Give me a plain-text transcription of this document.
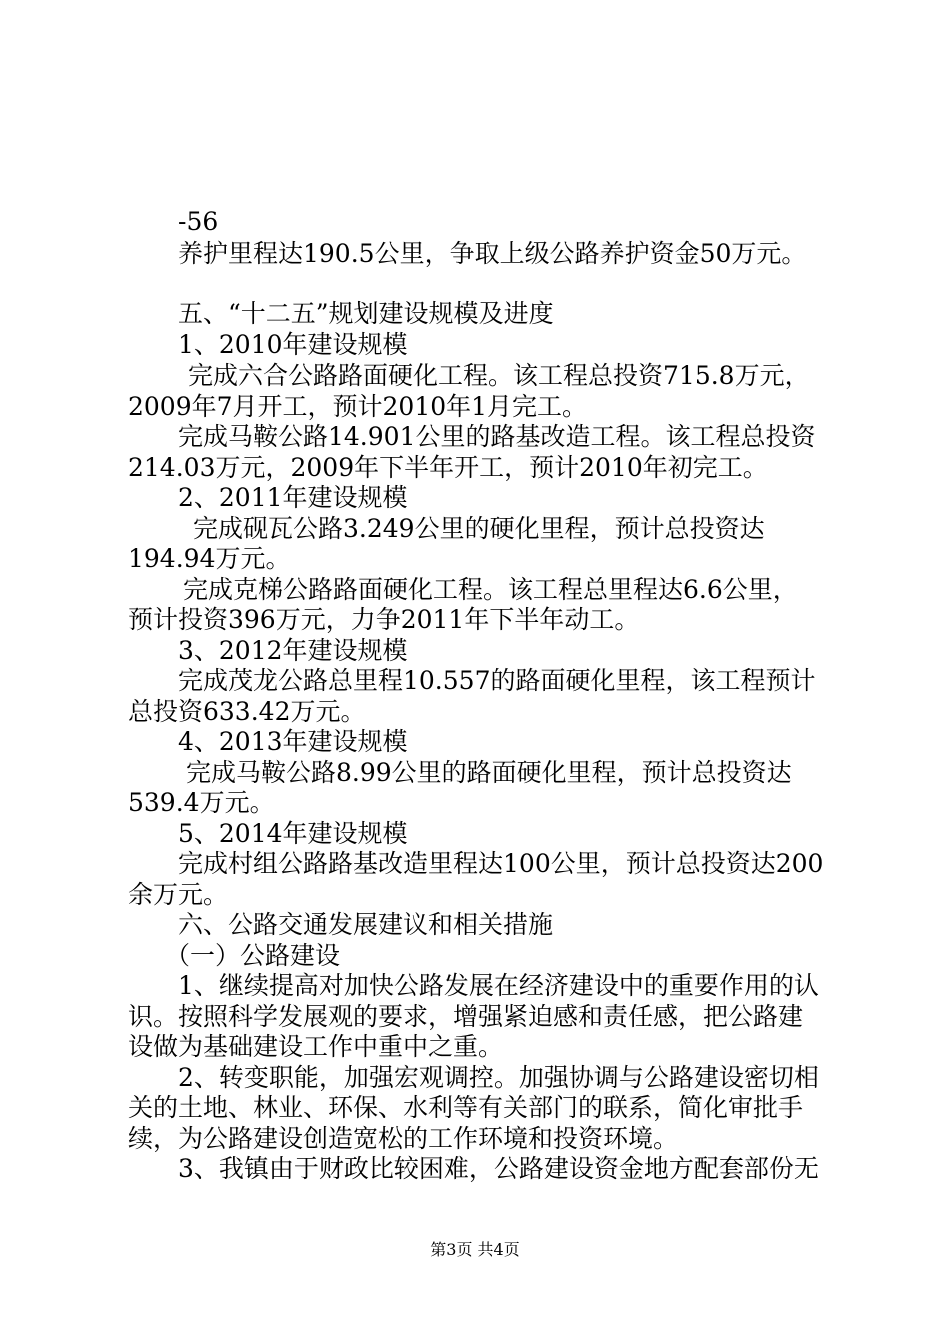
-56
养护里程达190.5公里，争取上级公路养护资金50万元。
五、“十二五”规划建设规模及进度
1、2010年建设规模
完成六合公路路面硬化工程。该工程总投资715.8万元，
2009年7月开工，预计2010年1月完工。
完成马鞍公路14.901公里的路基改造工程。该工程总投资
214.03万元，2009年下半年开工，预计2010年初完工。
2、2011年建设规模
完成砚瓦公路3.249公里的硬化里程，预计总投资达
194.94万元。
完成克梯公路路面硬化工程。该工程总里程达6.6公里，
预计投资396万元，力争2011年下半年动工。
3、2012年建设规模
完成茂龙公路总里程10.557的路面硬化里程，该工程预计
总投资633.42万元。
4、2013年建设规模
完成马鞍公路8.99公里的路面硬化里程，预计总投资达
539.4万元。
5、2014年建设规模
完成村组公路路基改造里程达100公里，预计总投资达200
余万元。
六、公路交通发展建议和相关措施
（一）公路建设
1、继续提高对加快公路发展在经济建设中的重要作用的认
识。按照科学发展观的要求，增强紧迫感和责任感，把公路建
设做为基础建设工作中重中之重。
2、转变职能，加强宏观调控。加强协调与公路建设密切相
关的土地、林业、环保、水利等有关部门的联系，简化审批手
续，为公路建设创造宽松的工作环境和投资环境。
3、我镇由于财政比较困难，公路建设资金地方配套部份无
第3页 共4页
